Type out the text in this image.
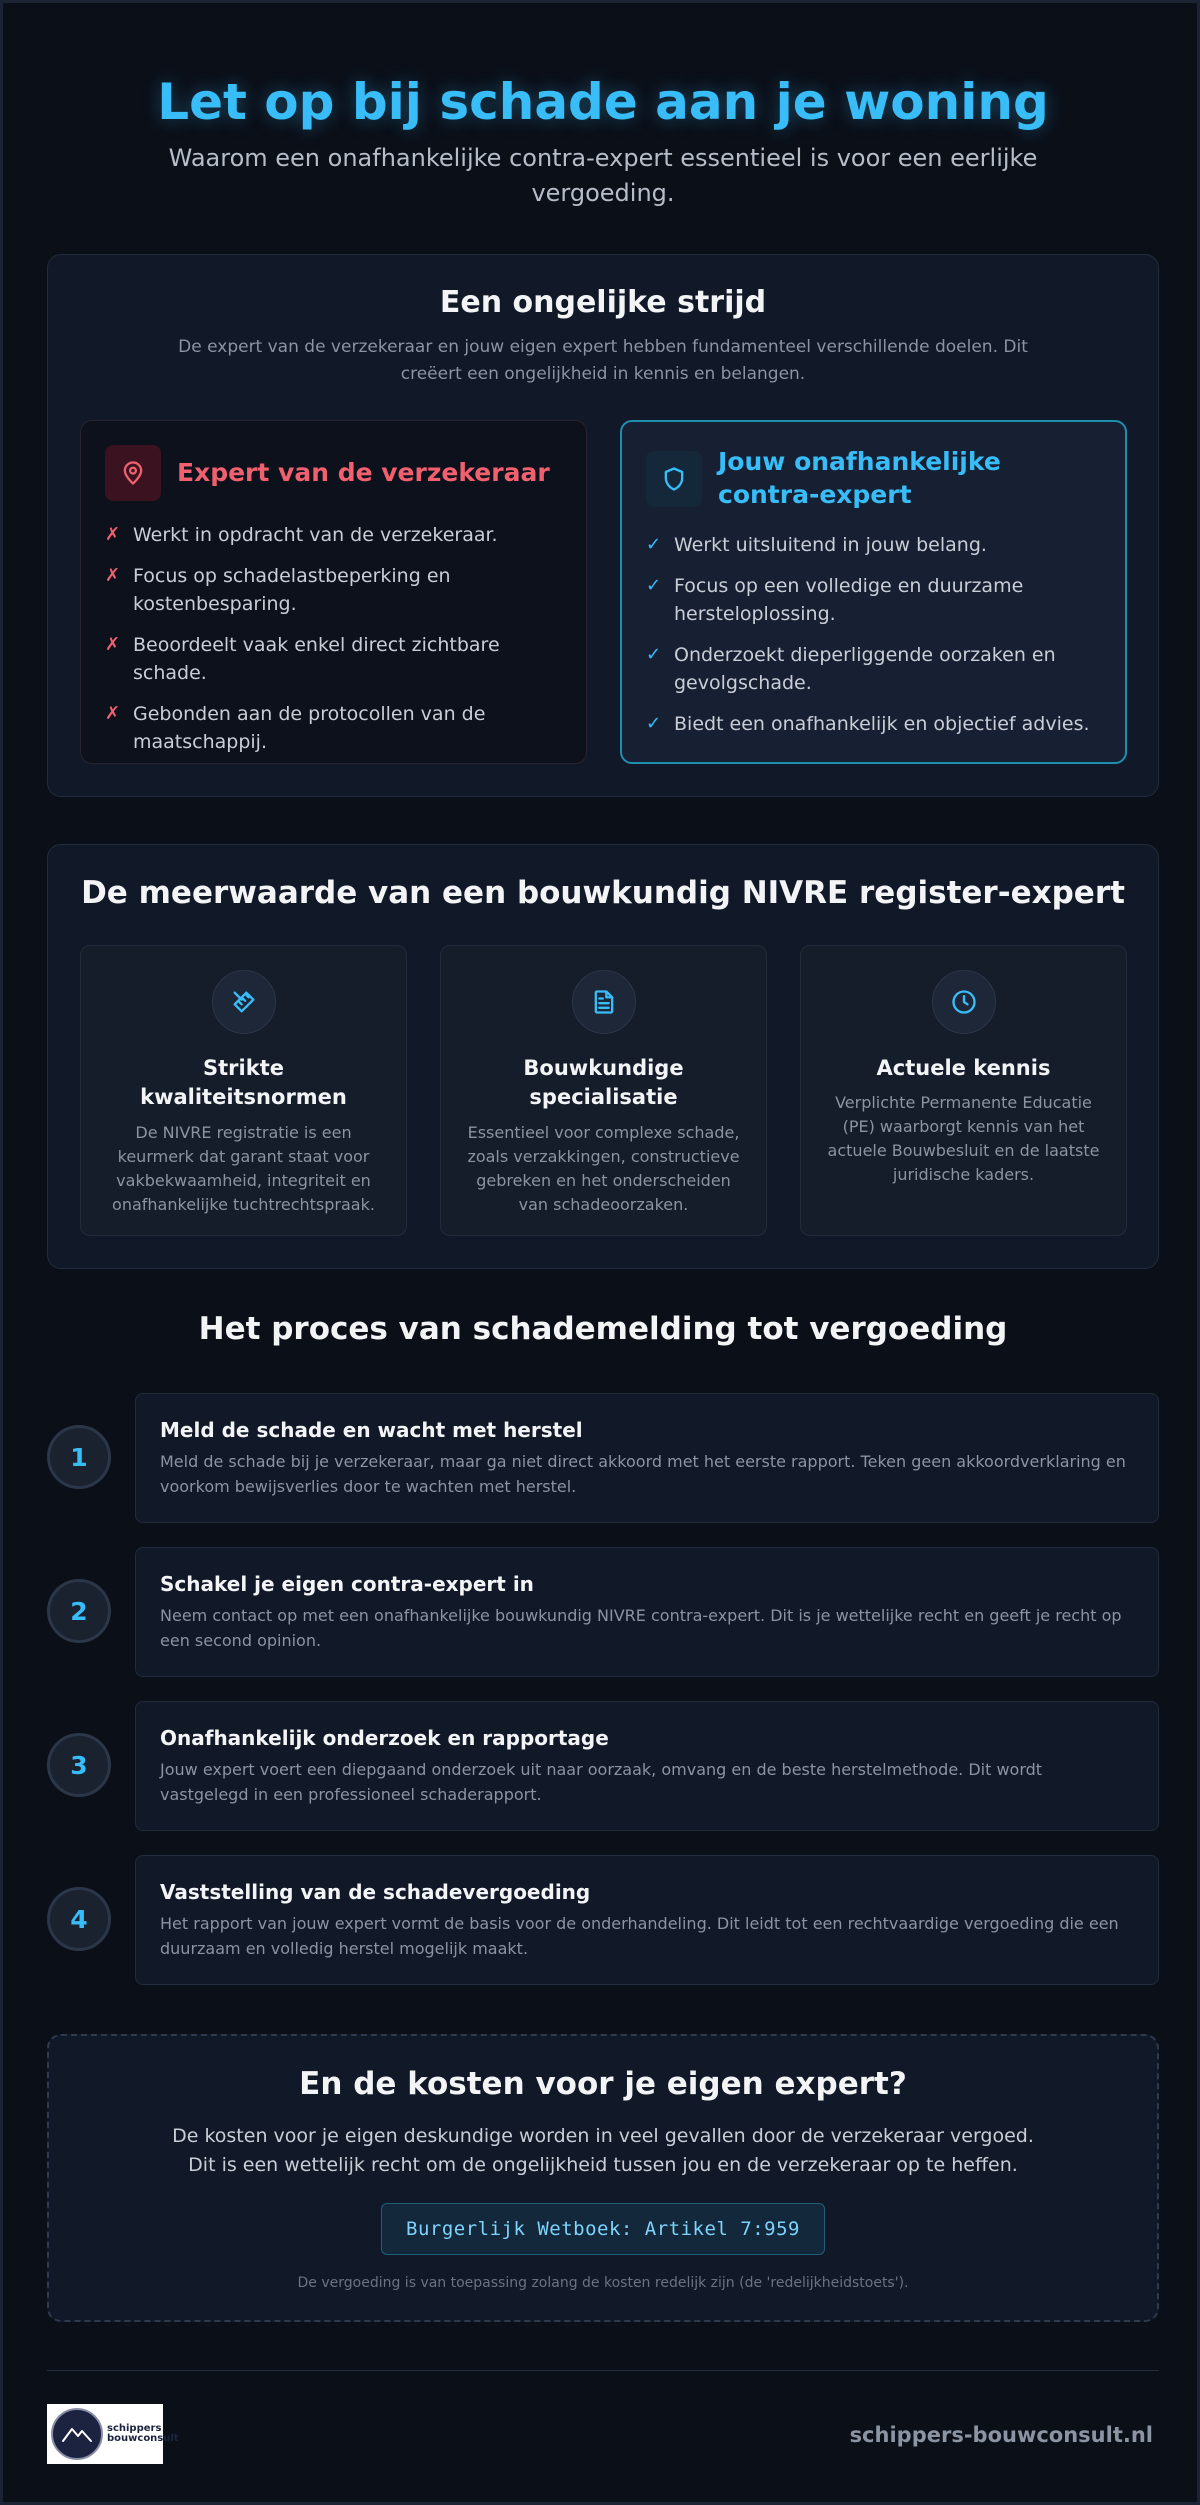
Let op bij schade aan je woning

Waarom een onafhankelijke contra-expert essentieel is voor een eerlijke vergoeding.

Een ongelijke strijd

De expert van de verzekeraar en jouw eigen expert hebben fundamenteel verschillende doelen. Dit creëert een ongelijkheid in kennis en belangen.

Expert van de verzekeraar
✗ Werkt in opdracht van de verzekeraar.
✗ Focus op schadelastbeperking en kostenbesparing.
✗ Beoordeelt vaak enkel direct zichtbare schade.
✗ Gebonden aan de protocollen van de maatschappij.
Jouw onafhankelijke contra-expert
✓ Werkt uitsluitend in jouw belang.
✓ Focus op een volledige en duurzame hersteloplossing.
✓ Onderzoekt dieperliggende oorzaken en gevolgschade.
✓ Biedt een onafhankelijk en objectief advies.
De meerwaarde van een bouwkundig NIVRE register-expert
Strikte kwaliteitsnormen
De NIVRE registratie is een keurmerk dat garant staat voor vakbekwaamheid, integriteit en onafhankelijke tuchtrechtspraak.
Bouwkundige specialisatie
Essentieel voor complexe schade, zoals verzakkingen, constructieve gebreken en het onderscheiden van schadeoorzaken.
Actuele kennis
Verplichte Permanente Educatie (PE) waarborgt kennis van het actuele Bouwbesluit en de laatste juridische kaders.
Het proces van schademelding tot vergoeding
1
Meld de schade en wacht met herstel
Meld de schade bij je verzekeraar, maar ga niet direct akkoord met het eerste rapport. Teken geen akkoordverklaring en voorkom bewijsverlies door te wachten met herstel.
2
Schakel je eigen contra-expert in
Neem contact op met een onafhankelijke bouwkundig NIVRE contra-expert. Dit is je wettelijke recht en geeft je recht op een second opinion.
3
Onafhankelijk onderzoek en rapportage
Jouw expert voert een diepgaand onderzoek uit naar oorzaak, omvang en de beste herstelmethode. Dit wordt vastgelegd in een professioneel schaderapport.
4
Vaststelling van de schadevergoeding
Het rapport van jouw expert vormt de basis voor de onderhandeling. Dit leidt tot een rechtvaardige vergoeding die een duurzaam en volledig herstel mogelijk maakt.
En de kosten voor je eigen expert?

De kosten voor je eigen deskundige worden in veel gevallen door de verzekeraar vergoed. Dit is een wettelijk recht om de ongelijkheid tussen jou en de verzekeraar op te heffen.

Burgerlijk Wetboek: Artikel 7:959

De vergoeding is van toepassing zolang de kosten redelijk zijn (de 'redelijkheidstoets').

schippers
bouwconsult	schippers-bouwconsult.nl
